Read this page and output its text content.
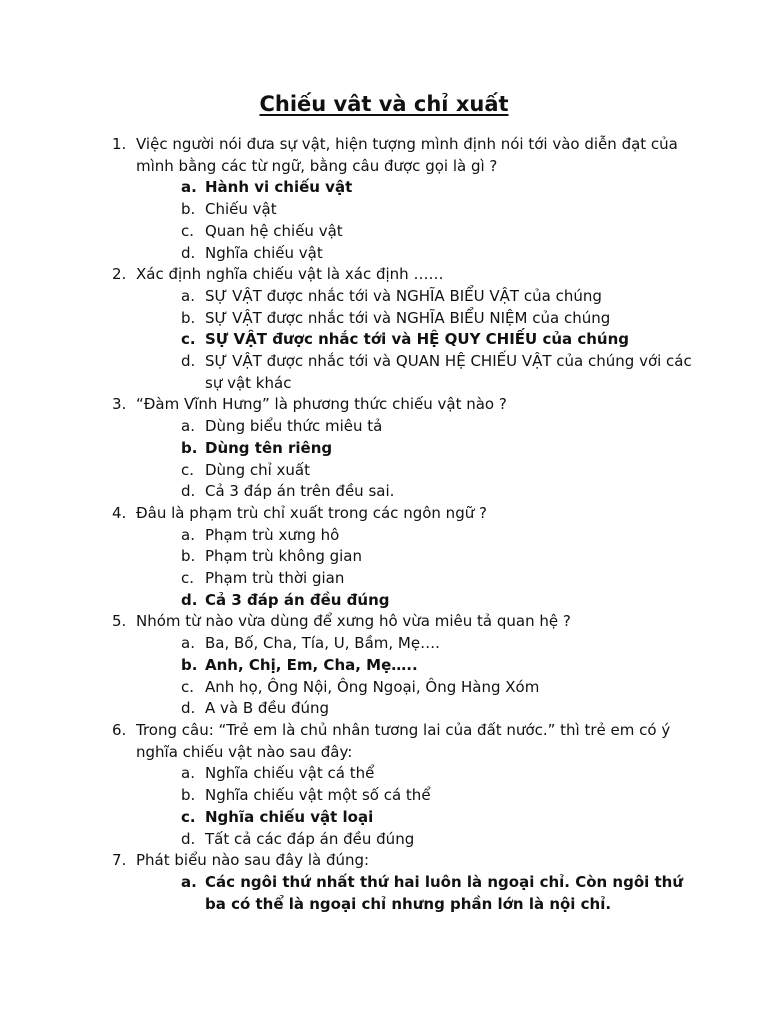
Chiếu vât và chỉ xuất
1. Việc người nói đưa sự vật, hiện tượng mình định nói tới vào diễn đạt của mình bằng các từ ngữ, bằng câu được gọi là gì ?
a. Hành vi chiếu vật
b. Chiếu vật
c. Quan hệ chiếu vật
d. Nghĩa chiếu vật
2. Xác định nghĩa chiếu vật là xác định ……
a. SỰ VẬT được nhắc tới và NGHĨA BIỂU VẬT của chúng
b. SỰ VẬT được nhắc tới và NGHĨA BIỂU NIỆM của chúng
c. SỰ VẬT được nhắc tới và HỆ QUY CHIẾU của chúng
d. SỰ VẬT được nhắc tới và QUAN HỆ CHIẾU VẬT của chúng với các sự vật khác
3. “Đàm Vĩnh Hưng” là phương thức chiếu vật nào ?
a. Dùng biểu thức miêu tả
b. Dùng tên riêng
c. Dùng chỉ xuất
d. Cả 3 đáp án trên đều sai.
4. Đâu là phạm trù chỉ xuất trong các ngôn ngữ ?
a. Phạm trù xưng hô
b. Phạm trù không gian
c. Phạm trù thời gian
d. Cả 3 đáp án đều đúng
5. Nhóm từ nào vừa dùng để xưng hô vừa miêu tả quan hệ ?
a. Ba, Bố, Cha, Tía, U, Bầm, Mẹ….
b. Anh, Chị, Em, Cha, Mẹ…..
c. Anh họ, Ông Nội, Ông Ngoại, Ông Hàng Xóm
d. A và B đều đúng
6. Trong câu: “Trẻ em là chủ nhân tương lai của đất nước.” thì trẻ em có ý nghĩa chiếu vật nào sau đây:
a. Nghĩa chiếu vật cá thể
b. Nghĩa chiếu vật một số cá thể
c. Nghĩa chiếu vật loại
d. Tất cả các đáp án đều đúng
7. Phát biểu nào sau đây là đúng:
a. Các ngôi thứ nhất thứ hai luôn là ngoại chỉ. Còn ngôi thứ ba có thể là ngoại chỉ nhưng phần lớn là nội chỉ.
